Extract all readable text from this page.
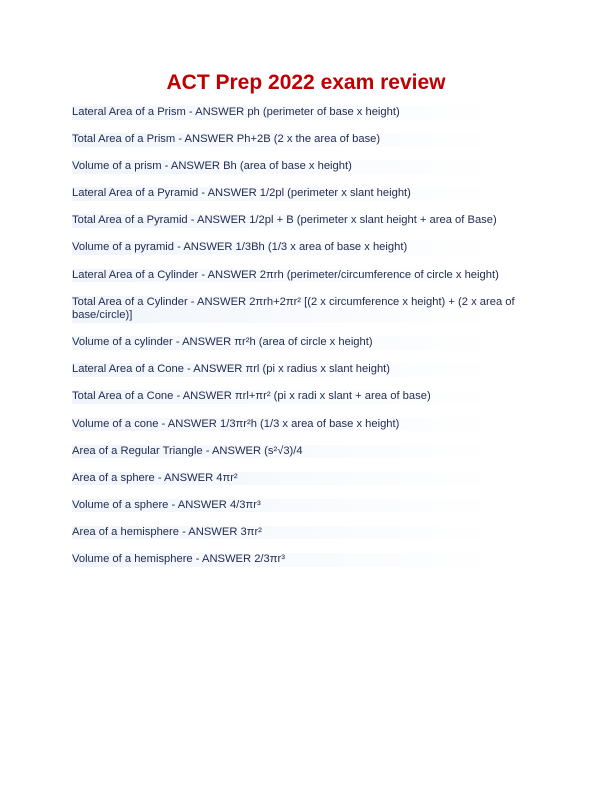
ACT Prep 2022 exam review
Lateral Area of a Prism - ANSWER ph (perimeter of base x height)
Total Area of a Prism - ANSWER Ph+2B (2 x the area of base)
Volume of a prism - ANSWER Bh (area of base x height)
Lateral Area of a Pyramid - ANSWER 1/2pl (perimeter x slant height)
Total Area of a Pyramid - ANSWER 1/2pl + B (perimeter x slant height + area of Base)
Volume of a pyramid - ANSWER 1/3Bh (1/3 x area of base x height)
Lateral Area of a Cylinder - ANSWER 2πrh (perimeter/circumference of circle x height)
Total Area of a Cylinder - ANSWER 2πrh+2πr² [(2 x circumference x height) + (2 x area of base/circle)]
Volume of a cylinder - ANSWER πr²h (area of circle x height)
Lateral Area of a Cone - ANSWER πrl (pi x radius x slant height)
Total Area of a Cone - ANSWER πrl+πr² (pi x radi x slant + area of base)
Volume of a cone - ANSWER 1/3πr²h (1/3 x area of base x height)
Area of a Regular Triangle - ANSWER (s²√3)/4
Area of a sphere - ANSWER 4πr²
Volume of a sphere - ANSWER 4/3πr³
Area of a hemisphere - ANSWER 3πr²
Volume of a hemisphere - ANSWER 2/3πr³
